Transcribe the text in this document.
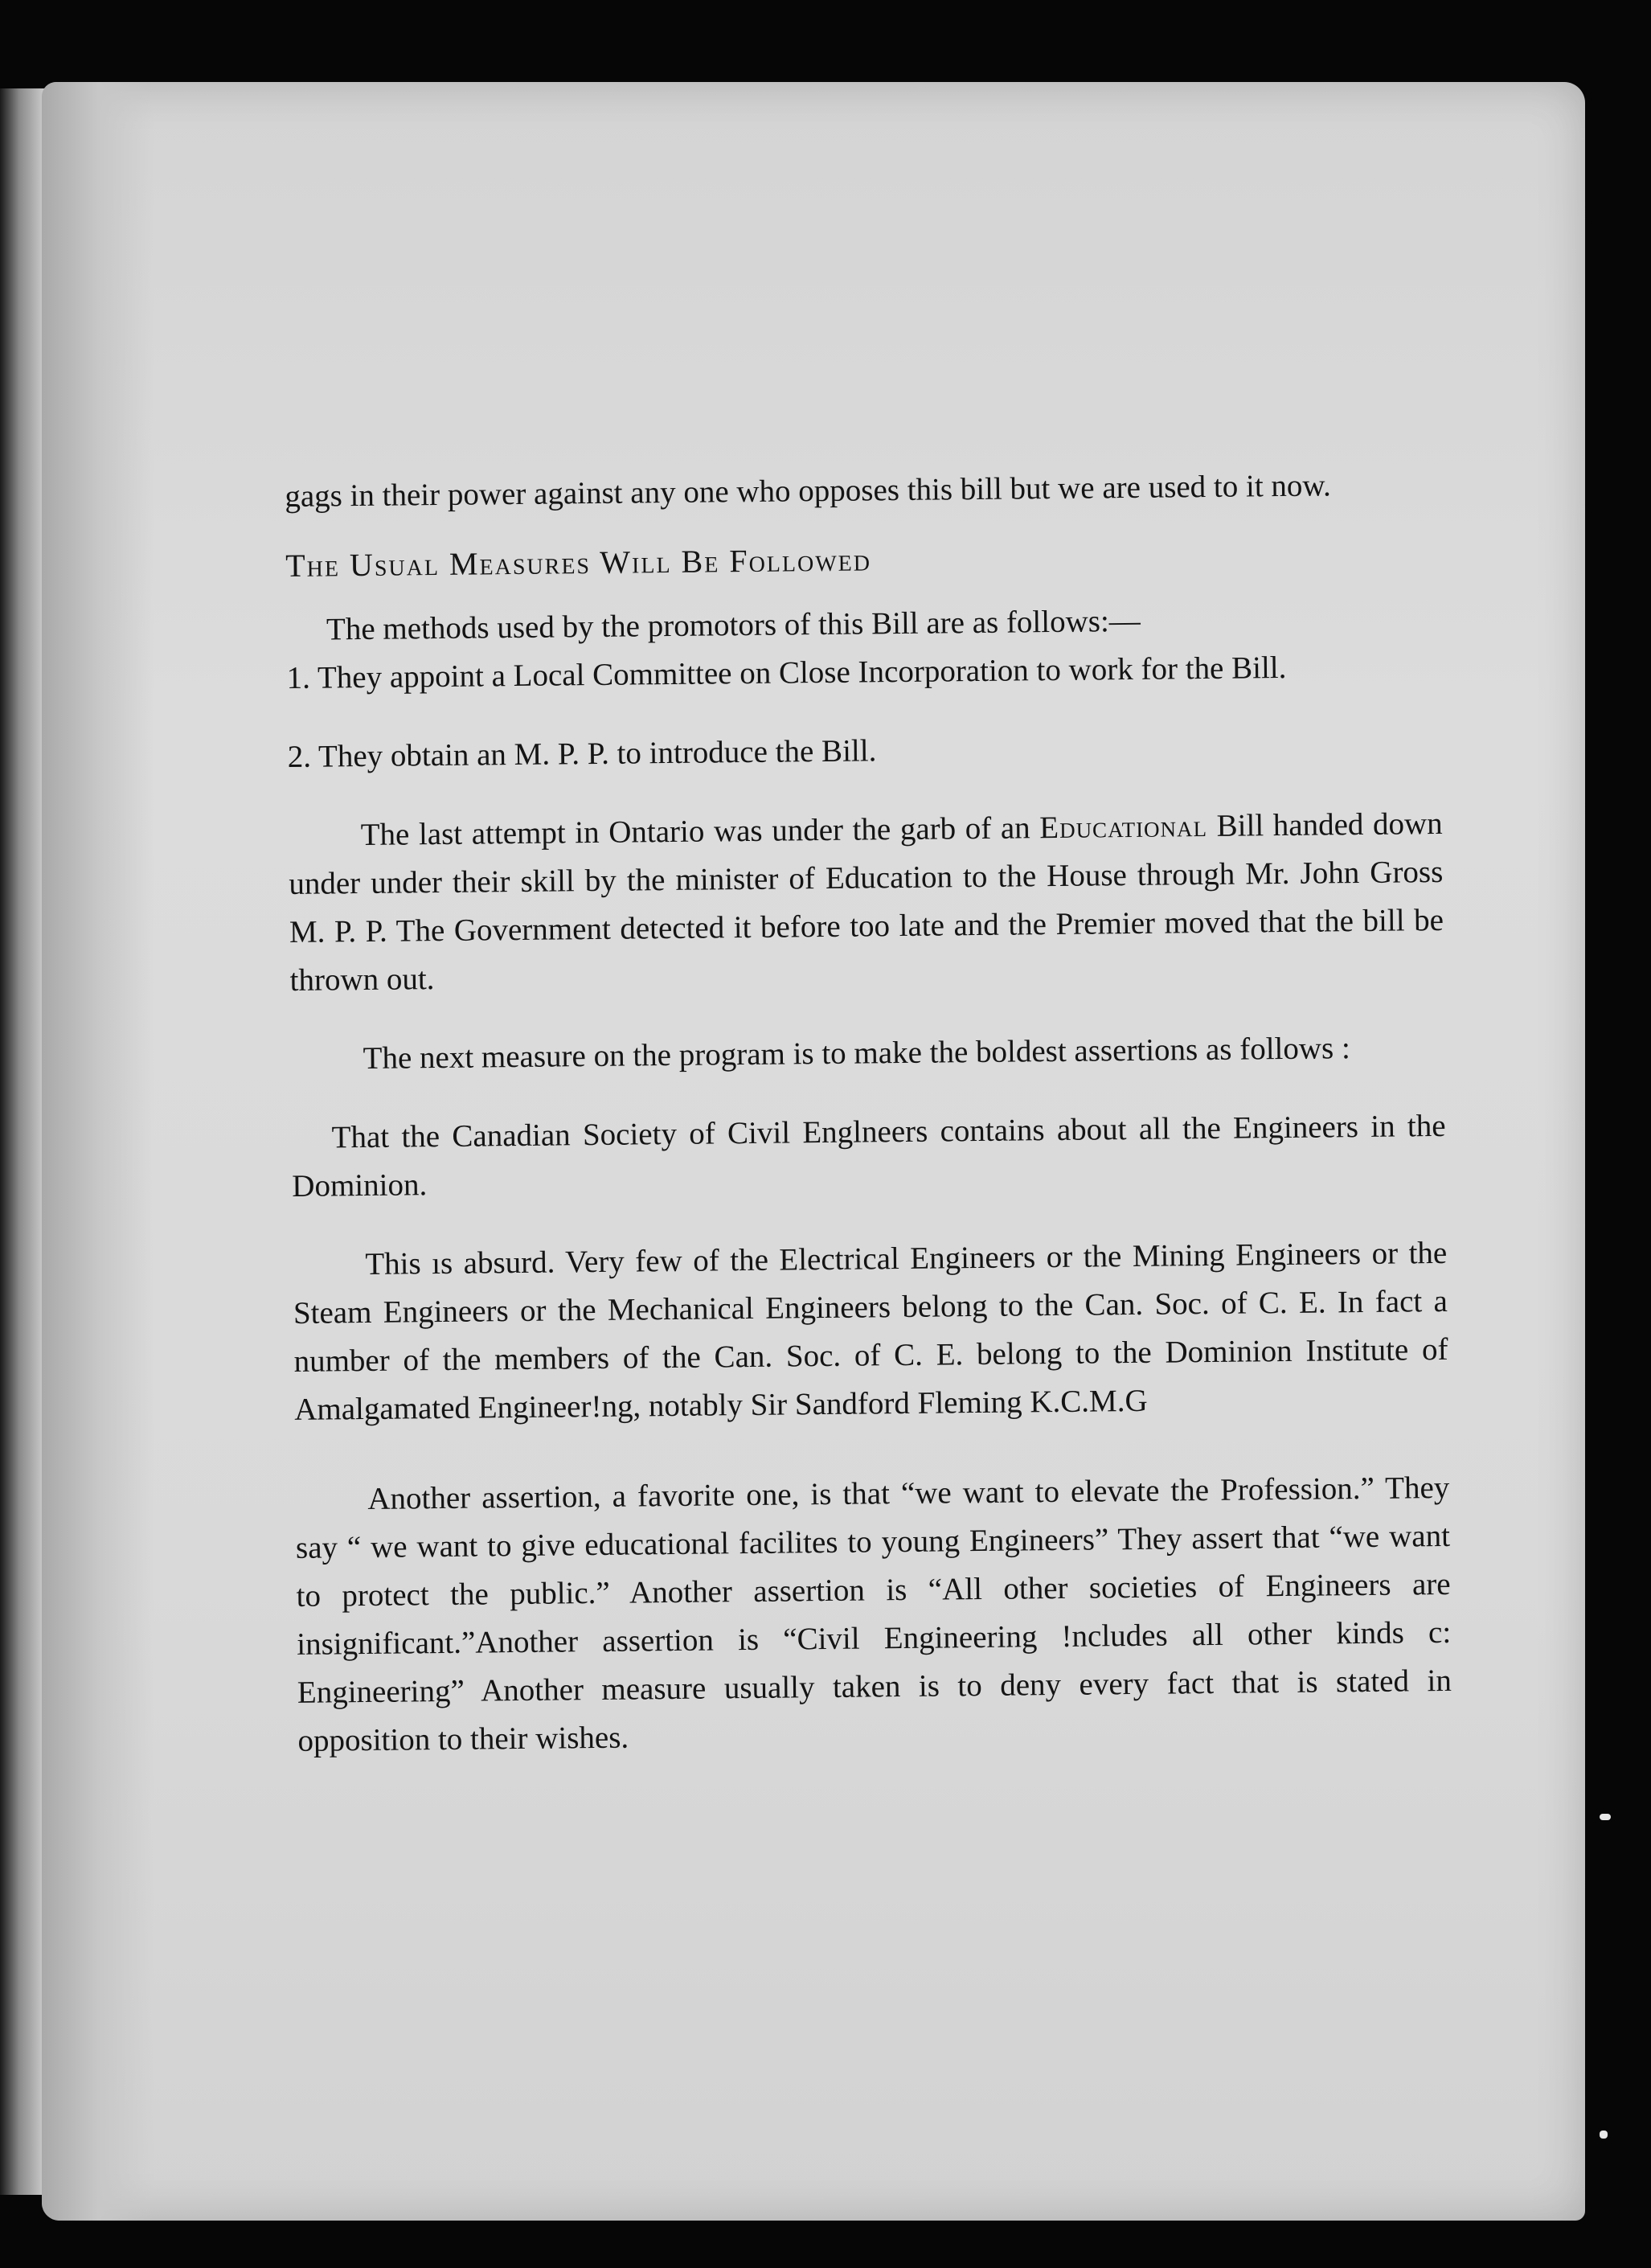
gags in their power against any one who opposes this bill but we are used to it now.

The Usual Measures Will Be Followed

The methods used by the promotors of this Bill are as follows:—

1. They appoint a Local Committee on Close Incorporation to work for the Bill.

2. They obtain an M. P. P. to introduce the Bill.

The last attempt in Ontario was under the garb of an Educational Bill handed down under under their skill by the minister of Education to the House through Mr. John Gross M. P. P. The Government detected it before too late and the Premier moved that the bill be thrown out.

The next measure on the program is to make the boldest assertions as follows :

That the Canadian Society of Civil Englneers contains about all the Engineers in the Dominion.

This ıs absurd. Very few of the Electrical Engineers or the Mining Engineers or the Steam Engineers or the Mechanical Engineers belong to the Can. Soc. of C. E. In fact a number of the members of the Can. Soc. of C. E. belong to the Dominion Institute of Amalgamated Engineer!ng, notably Sir Sandford Fleming K.C.M.G

Another assertion, a favorite one, is that “we want to elevate the Profession.” They say “ we want to give educational facilites to young Engineers” They assert that “we want to protect the public.” Another assertion is “All other societies of Engineers are insignificant.”Another assertion is “Civil Engineering !ncludes all other kinds c: Engineering” Another measure usually taken is to deny every fact that is stated in opposition to their wishes.
